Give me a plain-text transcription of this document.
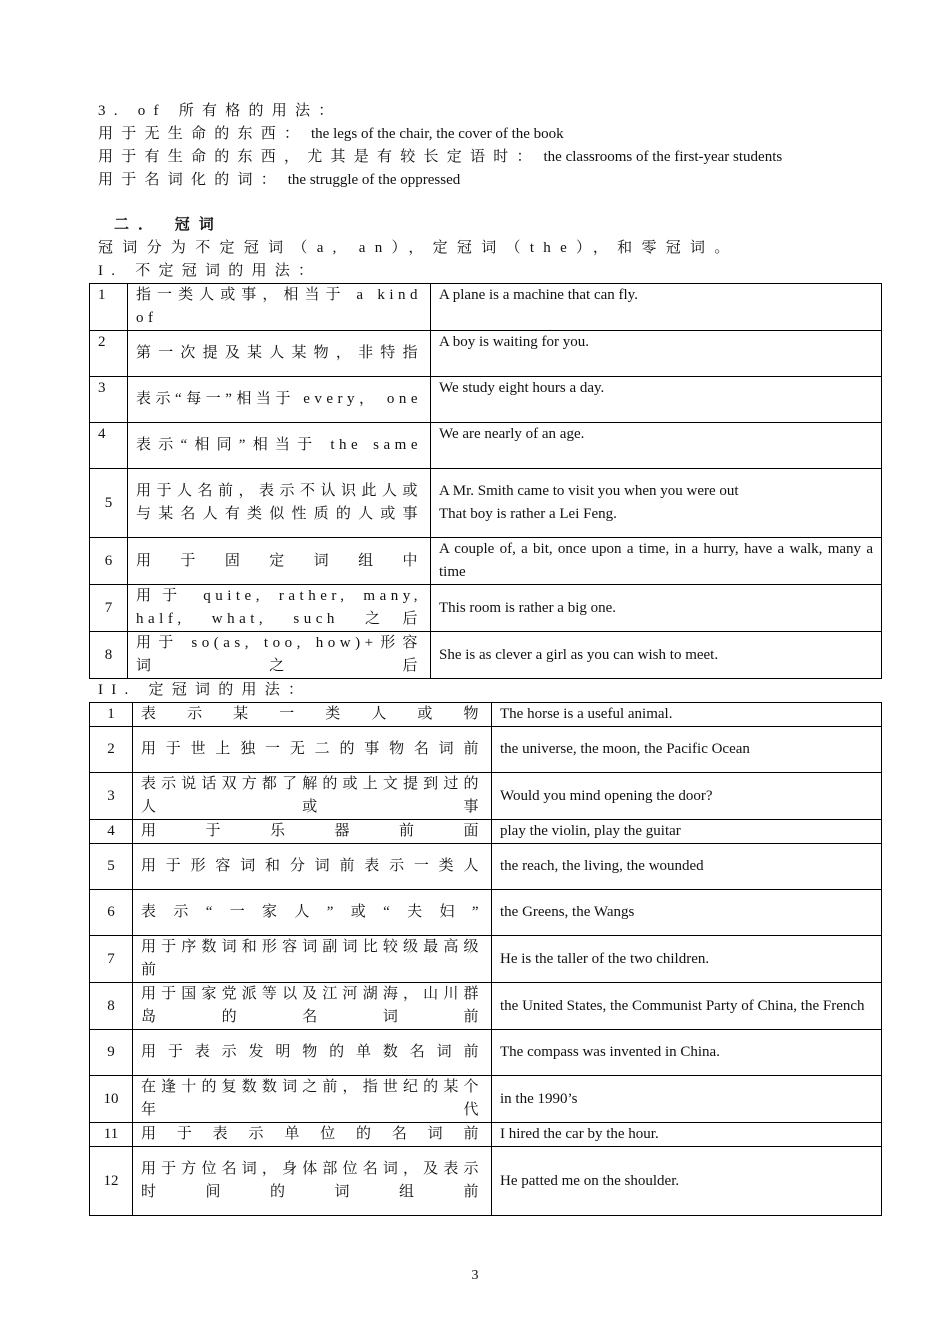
3. of 所有格的用法：
用于无生命的东西： the legs of the chair, the cover of the book
用于有生命的东西，尤其是有较长定语时： the classrooms of the first-year students
用于名词化的词： the struggle of the oppressed
二． 冠词
冠词分为不定冠词（a, an），定冠词（the），和零冠词。
I. 不定冠词的用法：
1	指一类人或事，相当于 a kind of	A plane is a machine that can fly.

2	第一次提及某人某物，非特指	A boy is waiting for you.

3	表示“每一”相当于 every， one	We study eight hours a day.

4	表示“相同”相当于 the same	We are nearly of an age.

5	用于人名前，表示不认识此人或与某名人有类似性质的人或事	A Mr. Smith came to visit you when you were out
That boy is rather a Lei Feng.

6	用于固定词组中	A couple of, a bit, once upon a time, in a hurry, have a walk, many a time

7	用于 quite, rather, many, half, what, such 之后	This room is rather a big one.

8	用于 so(as, too, how)+形容词之后	She is as clever a girl as you can wish to meet.
II. 定冠词的用法：
1	表示某一类人或物	The horse is a useful animal.

2	用于世上独一无二的事物名词前	the universe, the moon, the Pacific Ocean

3	表示说话双方都了解的或上文提到过的人或事	Would you mind opening the door?

4	用于乐器前面	play the violin, play the guitar

5	用于形容词和分词前表示一类人	the reach, the living, the wounded

6	表示“一家人”或“夫妇”	the Greens, the Wangs

7	用于序数词和形容词副词比较级最高级前	He is the taller of the two children.

8	用于国家党派等以及江河湖海，山川群岛的名词前	the United States, the Communist Party of China, the French

9	用于表示发明物的单数名词前	The compass was invented in China.

10	在逢十的复数数词之前，指世纪的某个年代	in the 1990’s

11	用于表示单位的名词前	I hired the car by the hour.

12	用于方位名词，身体部位名词，及表示时间的词组前	He patted me on the shoulder.
3
